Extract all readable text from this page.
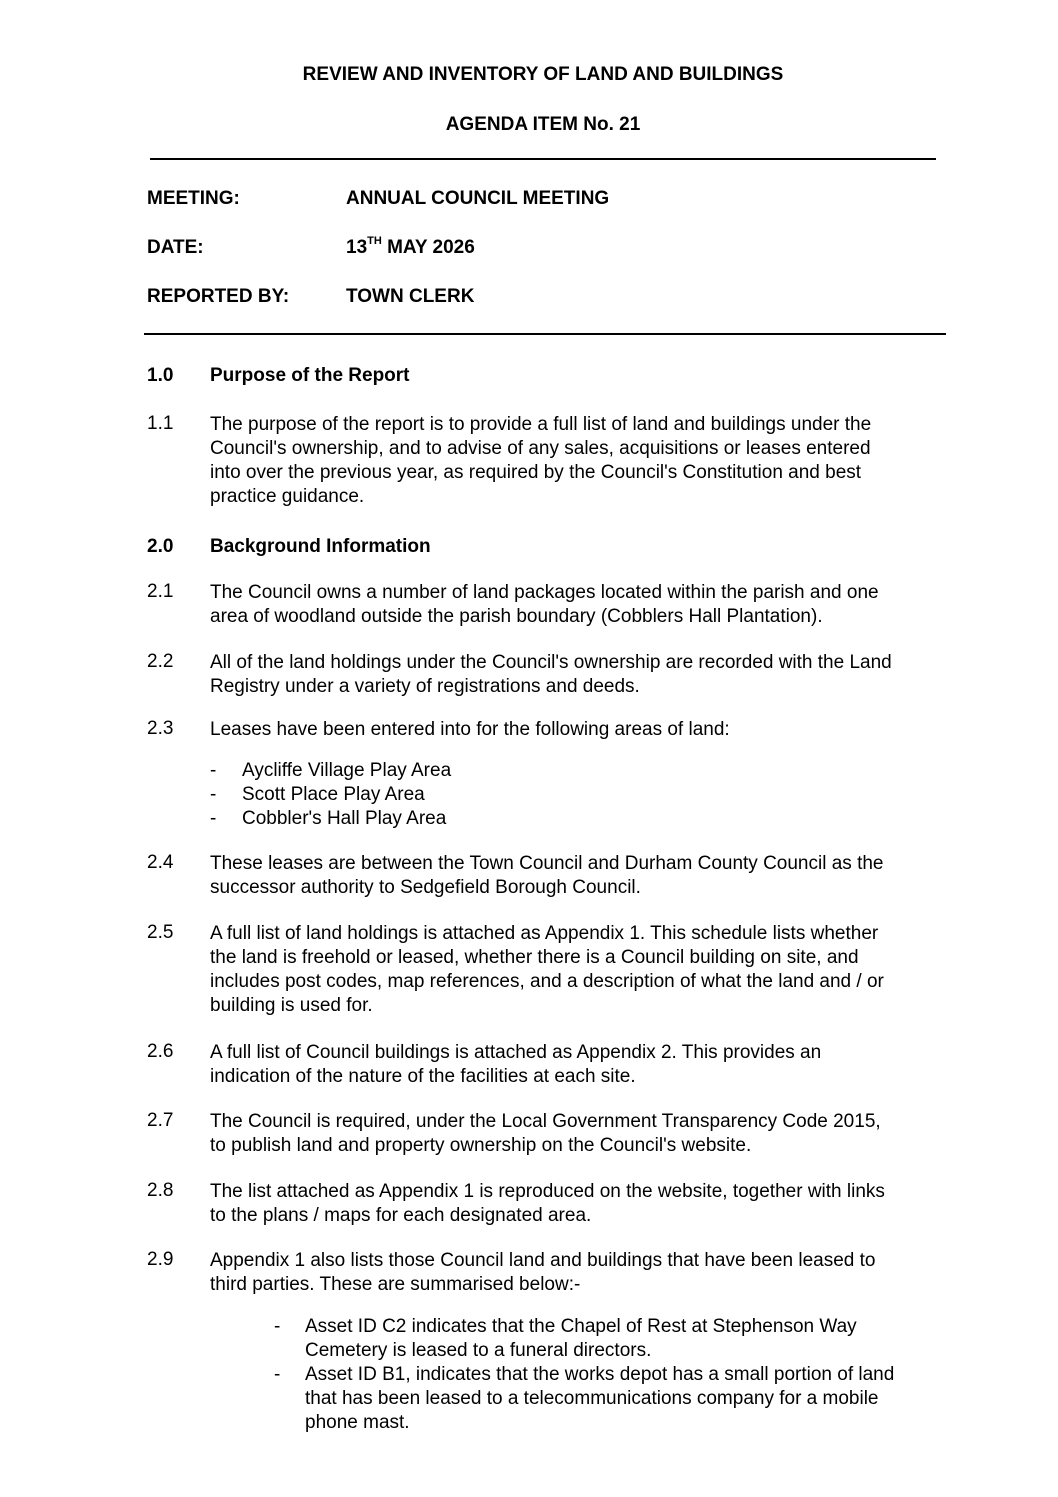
REVIEW AND INVENTORY OF LAND AND BUILDINGS
AGENDA ITEM No. 21
MEETING:	ANNUAL COUNCIL MEETING
DATE:	13TH MAY 2026
REPORTED BY:	TOWN CLERK
1.0 Purpose of the Report
1.1 The purpose of the report is to provide a full list of land and buildings under the
Council's ownership, and to advise of any sales, acquisitions or leases entered
into over the previous year, as required by the Council's Constitution and best
practice guidance.
2.0 Background Information
2.1 The Council owns a number of land packages located within the parish and one
area of woodland outside the parish boundary (Cobblers Hall Plantation).
2.2 All of the land holdings under the Council's ownership are recorded with the Land
Registry under a variety of registrations and deeds.
2.3 Leases have been entered into for the following areas of land:
- Aycliffe Village Play Area
- Scott Place Play Area
- Cobbler's Hall Play Area
2.4 These leases are between the Town Council and Durham County Council as the
successor authority to Sedgefield Borough Council.
2.5 A full list of land holdings is attached as Appendix 1. This schedule lists whether
the land is freehold or leased, whether there is a Council building on site, and
includes post codes, map references, and a description of what the land and / or
building is used for.
2.6 A full list of Council buildings is attached as Appendix 2. This provides an
indication of the nature of the facilities at each site.
2.7 The Council is required, under the Local Government Transparency Code 2015,
to publish land and property ownership on the Council's website.
2.8 The list attached as Appendix 1 is reproduced on the website, together with links
to the plans / maps for each designated area.
2.9 Appendix 1 also lists those Council land and buildings that have been leased to
third parties. These are summarised below:-
- Asset ID C2 indicates that the Chapel of Rest at Stephenson Way
Cemetery is leased to a funeral directors.
- Asset ID B1, indicates that the works depot has a small portion of land
that has been leased to a telecommunications company for a mobile
phone mast.
